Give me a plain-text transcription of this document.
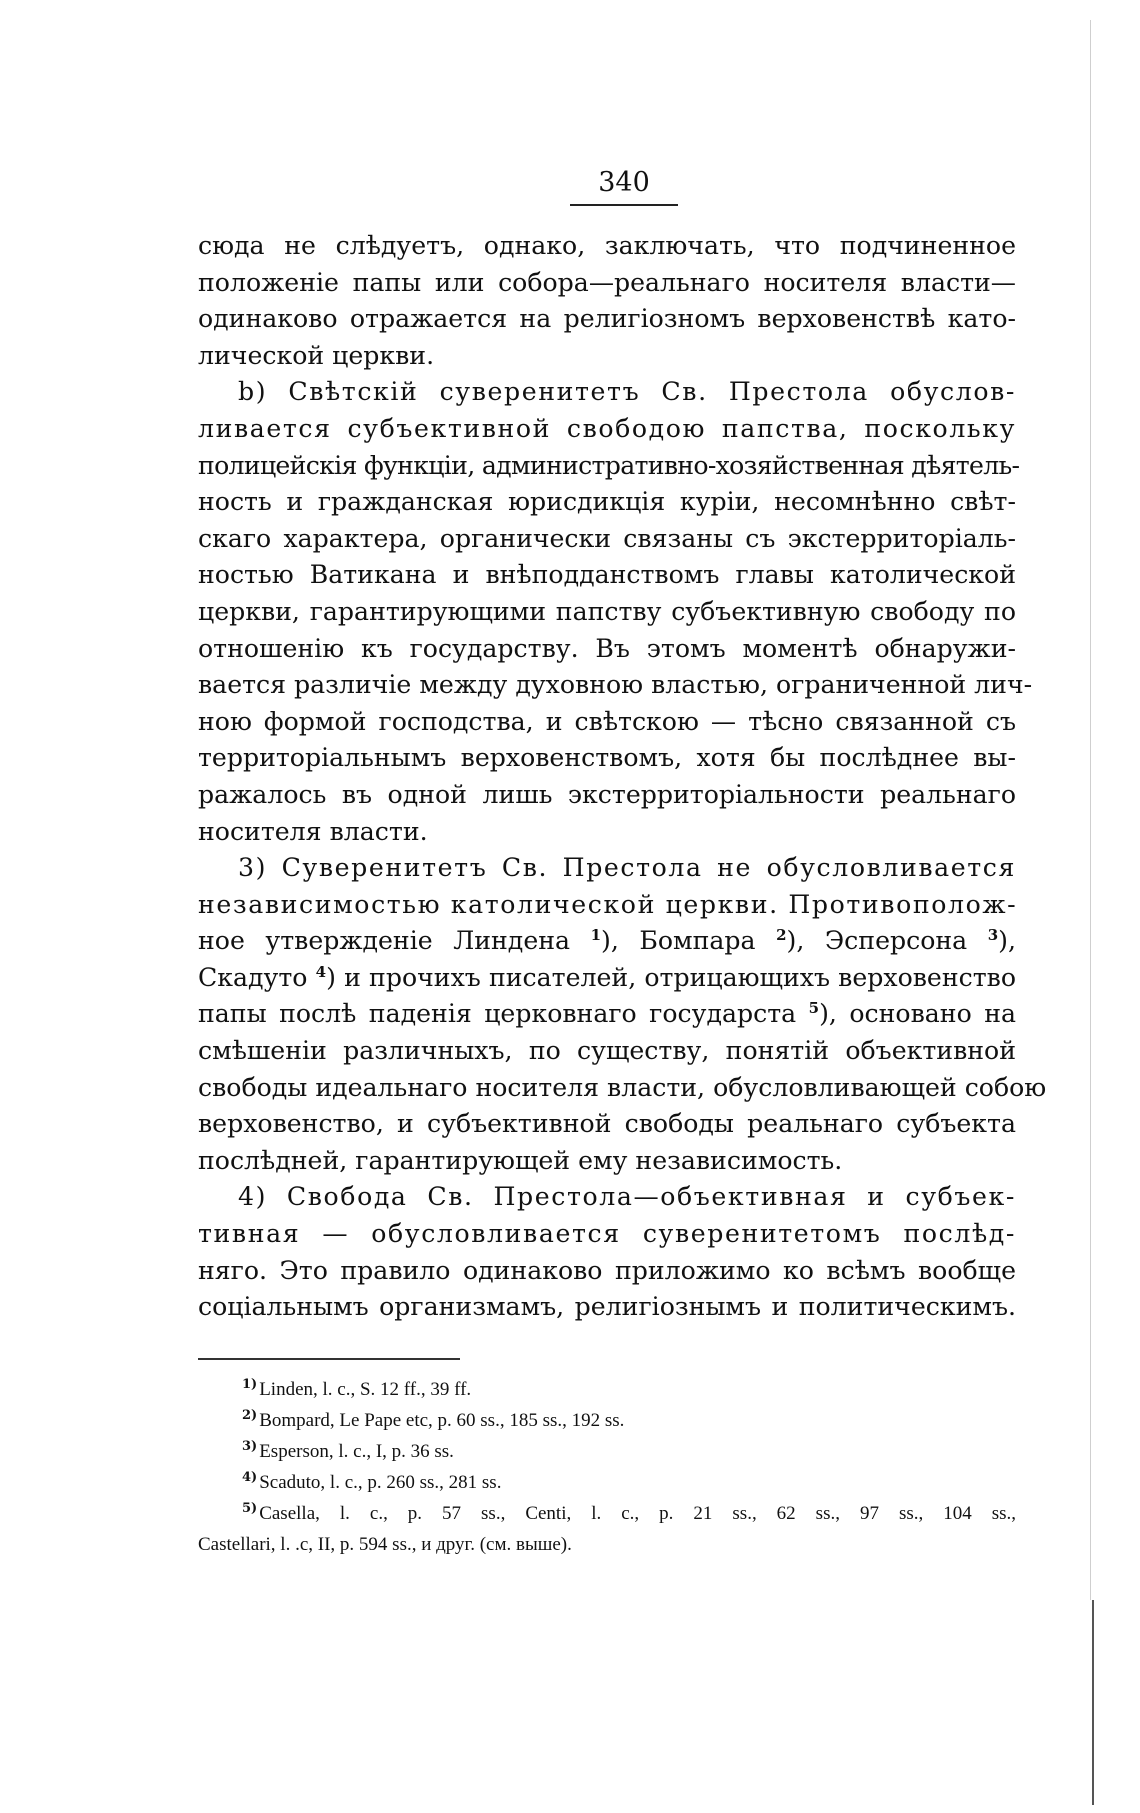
340
сюда не слѣдуетъ, однако, заключать, что подчиненное
положеніе папы или собора—реальнаго носителя власти—
одинаково отражается на религіозномъ верховенствѣ като-
лической церкви.
b) Свѣтскій суверенитетъ Св. Престола обуслов-
ливается субъективной свободою папства, поскольку
полицейскія функціи, административно-хозяйственная дѣятель-
ность и гражданская юрисдикція куріи, несомнѣнно свѣт-
скаго характера, органически связаны съ экстерриторіаль-
ностью Ватикана и внѣподданствомъ главы католической
церкви, гарантирующими папству субъективную свободу по
отношенію къ государству. Въ этомъ моментѣ обнаружи-
вается различіе между духовною властью, ограниченной лич-
ною формой господства, и свѣтскою — тѣсно связанной съ
территоріальнымъ верховенствомъ, хотя бы послѣднее вы-
ражалось въ одной лишь экстерриторіальности реальнаго
носителя власти.
3) Суверенитетъ Св. Престола не обусловливается
независимостью католической церкви. Противополож-
ное утвержденіе Линдена $^1$), Бомпара $^2$), Эсперсона $^3$),
Скадуто $^4$) и прочихъ писателей, отрицающихъ верховенство
папы послѣ паденія церковнаго государста $^5$), основано на
смѣшеніи различныхъ, по существу, понятій объективной
свободы идеальнаго носителя власти, обусловливающей собою
верховенство, и субъективной свободы реальнаго субъекта
послѣдней, гарантирующей ему независимость.
4) Свобода Св. Престола—объективная и субъек-
тивная — обусловливается суверенитетомъ послѣд-
няго. Это правило одинаково приложимо ко всѣмъ вообще
соціальнымъ организмамъ, религіознымъ и политическимъ.
$^{1)}$ Linden, l. c., S. 12 ff., 39 ff.
$^{2)}$ Bompard, Le Pape etc, p. 60 ss., 185 ss., 192 ss.
$^{3)}$ Esperson, l. c., I, p. 36 ss.
$^{4)}$ Scaduto, l. c., p. 260 ss., 281 ss.
$^{5)}$ Casella, l. c., p. 57 ss., Centi, l. c., p. 21 ss., 62 ss., 97 ss., 104 ss.,
Castellari, l. .c, II, p. 594 ss., и друг. (см. выше).
